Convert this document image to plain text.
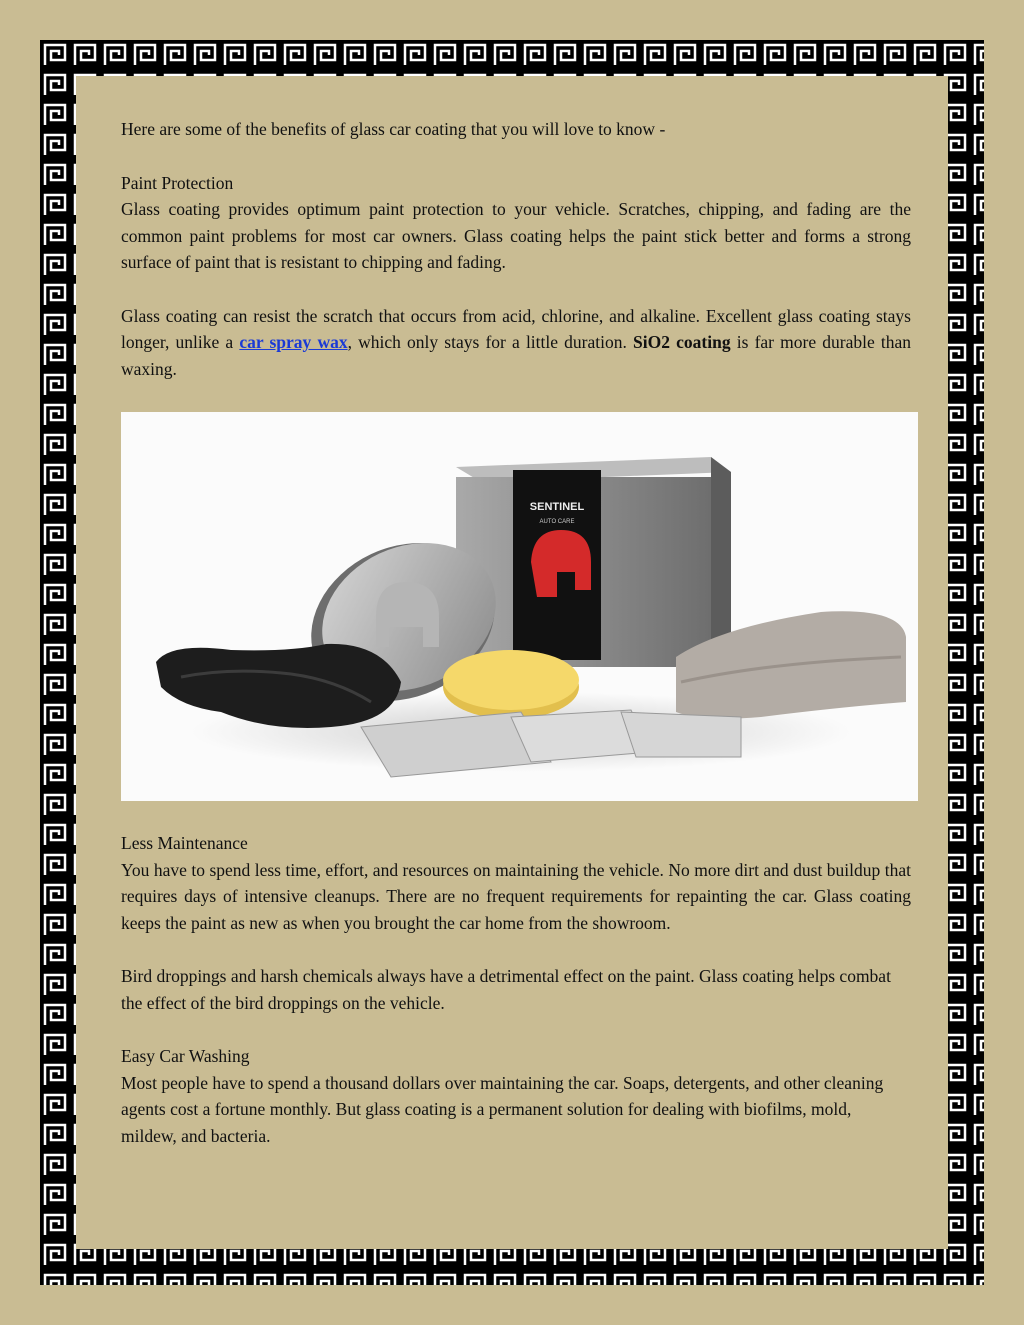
Here are some of the benefits of glass car coating that you will love to know -

Paint Protection

Glass coating provides optimum paint protection to your vehicle. Scratches, chipping, and fading are the common paint problems for most car owners. Glass coating helps the paint stick better and forms a strong surface of paint that is resistant to chipping and fading.

Glass coating can resist the scratch that occurs from acid, chlorine, and alkaline. Excellent glass coating stays longer, unlike a car spray wax, which only stays for a little duration. SiO2 coating is far more durable than waxing.

SENTINEL
AUTO CARE

Less Maintenance

You have to spend less time, effort, and resources on maintaining the vehicle. No more dirt and dust buildup that requires days of intensive cleanups. There are no frequent requirements for repainting the car. Glass coating keeps the paint as new as when you brought the car home from the showroom.

Bird droppings and harsh chemicals always have a detrimental effect on the paint. Glass coating helps combat the effect of the bird droppings on the vehicle.

Easy Car Washing

Most people have to spend a thousand dollars over maintaining the car. Soaps, detergents, and other cleaning agents cost a fortune monthly. But glass coating is a permanent solution for dealing with biofilms, mold, mildew, and bacteria.
